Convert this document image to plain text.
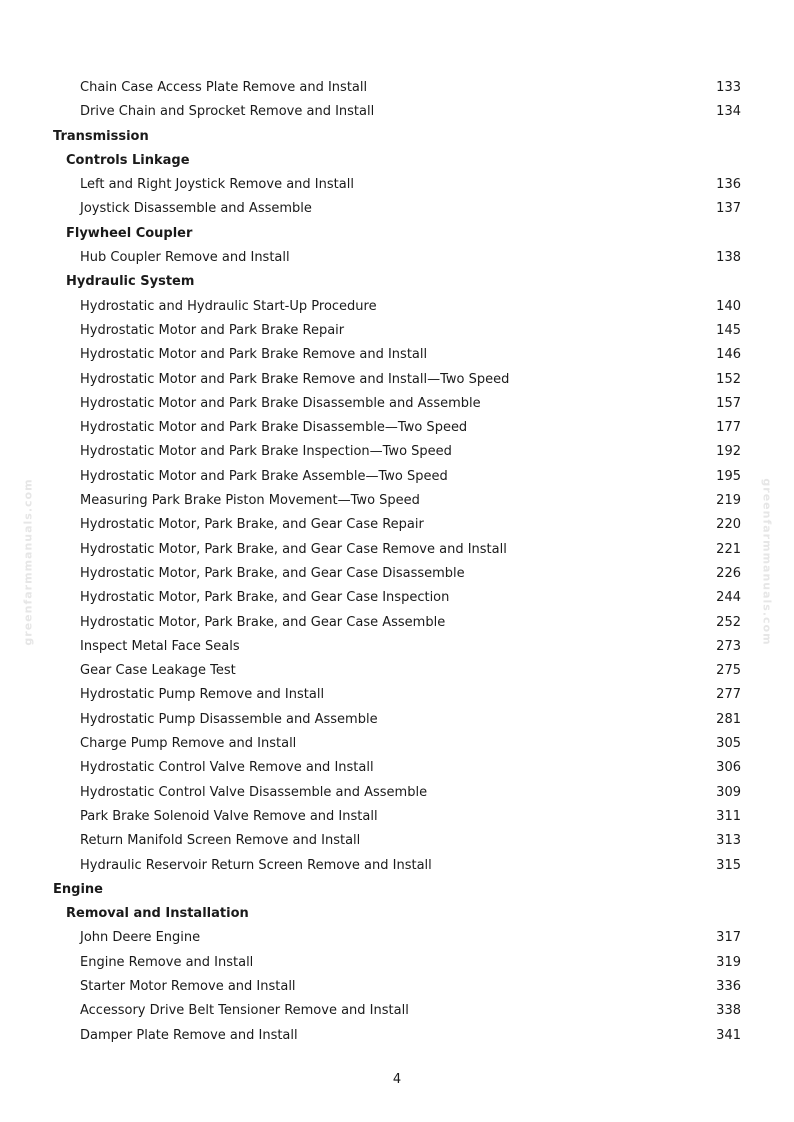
Chain Case Access Plate Remove and Install	133
Drive Chain and Sprocket Remove and Install	134
Transmission
Controls Linkage
Left and Right Joystick Remove and Install	136
Joystick Disassemble and Assemble	137
Flywheel Coupler
Hub Coupler Remove and Install	138
Hydraulic System
Hydrostatic and Hydraulic Start-Up Procedure	140
Hydrostatic Motor and Park Brake Repair	145
Hydrostatic Motor and Park Brake Remove and Install	146
Hydrostatic Motor and Park Brake Remove and Install—Two Speed	152
Hydrostatic Motor and Park Brake Disassemble and Assemble	157
Hydrostatic Motor and Park Brake Disassemble—Two Speed	177
Hydrostatic Motor and Park Brake Inspection—Two Speed	192
Hydrostatic Motor and Park Brake Assemble—Two Speed	195
Measuring Park Brake Piston Movement—Two Speed	219
Hydrostatic Motor, Park Brake, and Gear Case Repair	220
Hydrostatic Motor, Park Brake, and Gear Case Remove and Install	221
Hydrostatic Motor, Park Brake, and Gear Case Disassemble	226
Hydrostatic Motor, Park Brake, and Gear Case Inspection	244
Hydrostatic Motor, Park Brake, and Gear Case Assemble	252
Inspect Metal Face Seals	273
Gear Case Leakage Test	275
Hydrostatic Pump Remove and Install	277
Hydrostatic Pump Disassemble and Assemble	281
Charge Pump Remove and Install	305
Hydrostatic Control Valve Remove and Install	306
Hydrostatic Control Valve Disassemble and Assemble	309
Park Brake Solenoid Valve Remove and Install	311
Return Manifold Screen Remove and Install	313
Hydraulic Reservoir Return Screen Remove and Install	315
Engine
Removal and Installation
John Deere Engine	317
Engine Remove and Install	319
Starter Motor Remove and Install	336
Accessory Drive Belt Tensioner Remove and Install	338
Damper Plate Remove and Install	341
greenfarmmanuals.com	greenfarmmanuals.com
4
